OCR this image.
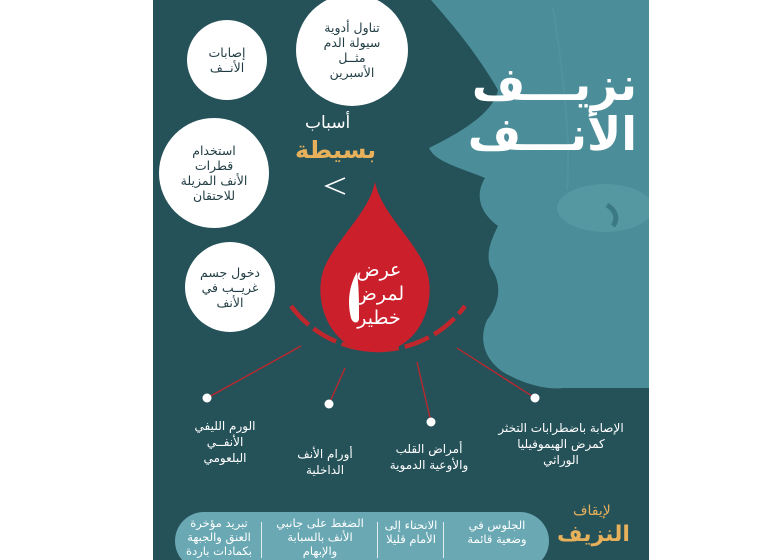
نزيـــف
الأنـــف
أسباب
بسيطة
تناول أدوية
سيولة الدم
مثــل
الأسبرين
إصابات
الأنــف
استخدام
قطرات
الأنف المزيلة
للاحتقان
دخول جسم
غريــب في
الأنف
عرض
لمرض
خطير
الإصابة باضطرابات التخثر
كمرض الهيموفيليا
الوراثي
أمراض القلب
والأوعية الدموية
أورام الأنف
الداخلية
الورم الليفي
الأنفــي
البلعومي
لإيقاف
النزيف
الجلوس في
وضعية قائمة
الانحناء إلى
الأمام قليلا
الضغط على جانبي
الأنف بالسبابة
والإبهام
تبريد مؤخرة
العنق والجبهة
بكمادات باردة
